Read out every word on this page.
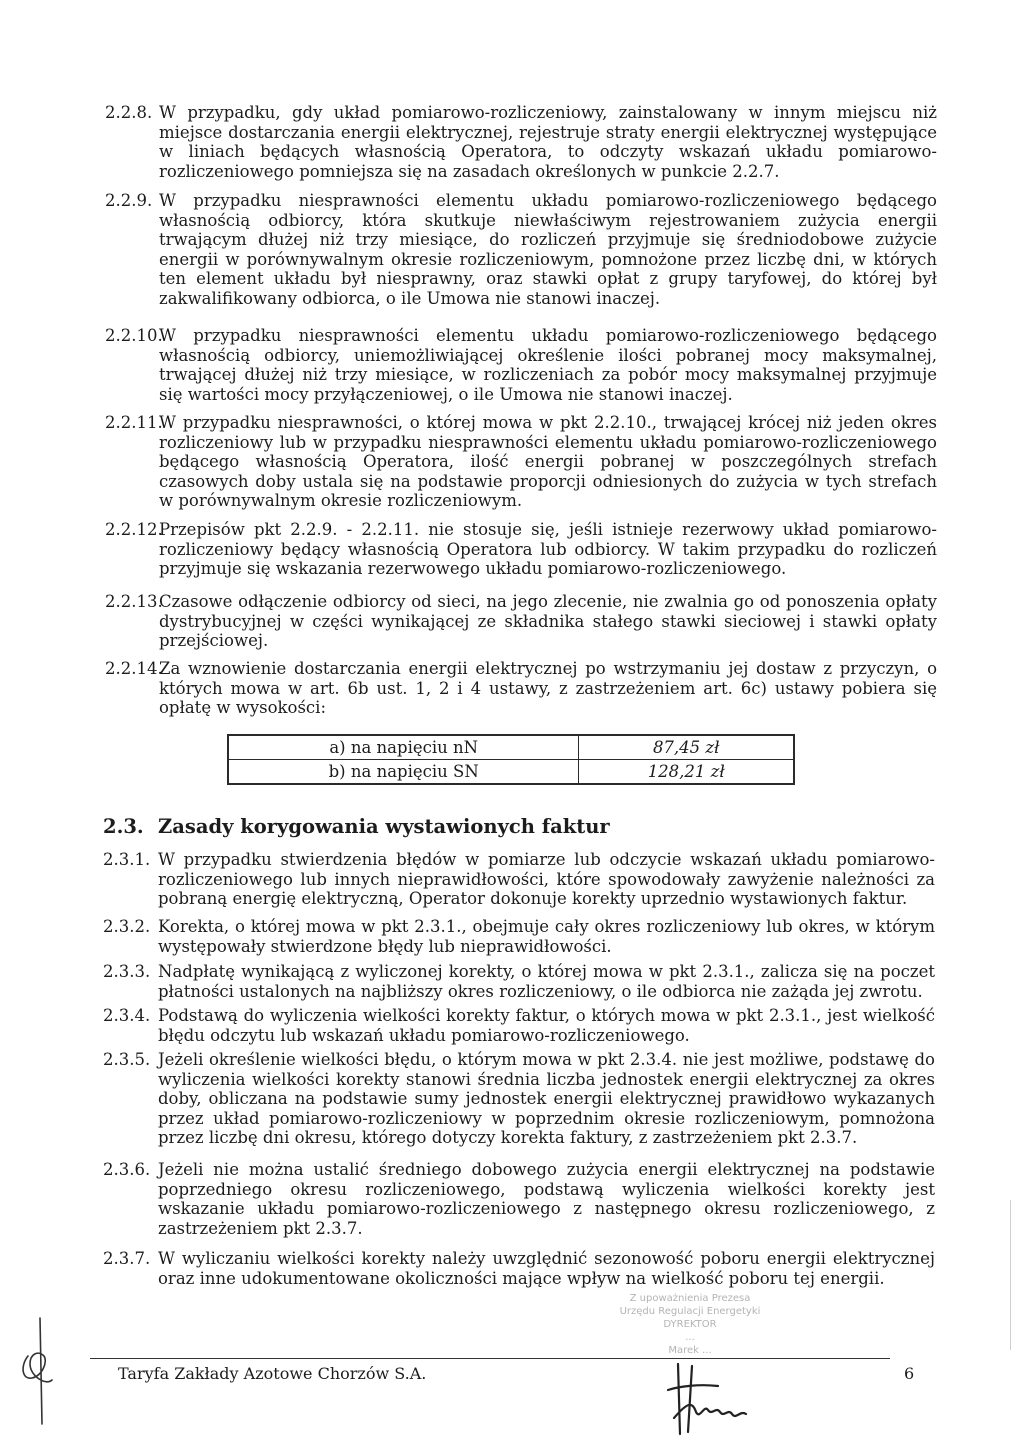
2.2.8. W przypadku, gdy układ pomiarowo-rozliczeniowy, zainstalowany w innym miejscu niż miejsce dostarczania energii elektrycznej, rejestruje straty energii elektrycznej występujące w liniach będących własnością Operatora, to odczyty wskazań układu pomiarowo-rozliczeniowego pomniejsza się na zasadach określonych w punkcie 2.2.7.
2.2.9. W przypadku niesprawności elementu układu pomiarowo-rozliczeniowego będącego własnością odbiorcy, która skutkuje niewłaściwym rejestrowaniem zużycia energii trwającym dłużej niż trzy miesiące, do rozliczeń przyjmuje się średniodobowe zużycie energii w porównywalnym okresie rozliczeniowym, pomnożone przez liczbę dni, w których ten element układu był niesprawny, oraz stawki opłat z grupy taryfowej, do której był zakwalifikowany odbiorca, o ile Umowa nie stanowi inaczej.
2.2.10.
W przypadku niesprawności elementu układu pomiarowo-rozliczeniowego będącego własnością odbiorcy, uniemożliwiającej określenie ilości pobranej mocy maksymalnej, trwającej dłużej niż trzy miesiące, w rozliczeniach za pobór mocy maksymalnej przyjmuje się wartości mocy przyłączeniowej, o ile Umowa nie stanowi inaczej.
2.2.11.
W przypadku niesprawności, o której mowa w pkt 2.2.10., trwającej krócej niż jeden okres rozliczeniowy lub w przypadku niesprawności elementu układu pomiarowo-rozliczeniowego będącego własnością Operatora, ilość energii pobranej w poszczególnych strefach czasowych doby ustala się na podstawie proporcji odniesionych do zużycia w tych strefach w porównywalnym okresie rozliczeniowym.
2.2.12.
Przepisów pkt 2.2.9. - 2.2.11. nie stosuje się, jeśli istnieje rezerwowy układ pomiarowo-rozliczeniowy będący własnością Operatora lub odbiorcy. W takim przypadku do rozliczeń przyjmuje się wskazania rezerwowego układu pomiarowo-rozliczeniowego.
2.2.13.
Czasowe odłączenie odbiorcy od sieci, na jego zlecenie, nie zwalnia go od ponoszenia opłaty dystrybucyjnej w części wynikającej ze składnika stałego stawki sieciowej i stawki opłaty przejściowej.
2.2.14.
Za wznowienie dostarczania energii elektrycznej po wstrzymaniu jej dostaw z przyczyn, o których mowa w art. 6b ust. 1, 2 i 4 ustawy, z zastrzeżeniem art. 6c) ustawy pobiera się opłatę w wysokości:
a) na napięciu nN	87,45 zł
b) na napięciu SN	128,21 zł
2.3. Zasady korygowania wystawionych faktur
2.3.1. W przypadku stwierdzenia błędów w pomiarze lub odczycie wskazań układu pomiarowo-rozliczeniowego lub innych nieprawidłowości, które spowodowały zawyżenie należności za pobraną energię elektryczną, Operator dokonuje korekty uprzednio wystawionych faktur.
2.3.2. Korekta, o której mowa w pkt 2.3.1., obejmuje cały okres rozliczeniowy lub okres, w którym występowały stwierdzone błędy lub nieprawidłowości.
2.3.3. Nadpłatę wynikającą z wyliczonej korekty, o której mowa w pkt 2.3.1., zalicza się na poczet płatności ustalonych na najbliższy okres rozliczeniowy, o ile odbiorca nie zażąda jej zwrotu.
2.3.4. Podstawą do wyliczenia wielkości korekty faktur, o których mowa w pkt 2.3.1., jest wielkość błędu odczytu lub wskazań układu pomiarowo-rozliczeniowego.
2.3.5. Jeżeli określenie wielkości błędu, o którym mowa w pkt 2.3.4. nie jest możliwe, podstawę do wyliczenia wielkości korekty stanowi średnia liczba jednostek energii elektrycznej za okres doby, obliczana na podstawie sumy jednostek energii elektrycznej prawidłowo wykazanych przez układ pomiarowo-rozliczeniowy w poprzednim okresie rozliczeniowym, pomnożona przez liczbę dni okresu, którego dotyczy korekta faktury, z zastrzeżeniem pkt 2.3.7.
2.3.6. Jeżeli nie można ustalić średniego dobowego zużycia energii elektrycznej na podstawie poprzedniego okresu rozliczeniowego, podstawą wyliczenia wielkości korekty jest wskazanie układu pomiarowo-rozliczeniowego z następnego okresu rozliczeniowego, z zastrzeżeniem pkt 2.3.7.
2.3.7. W wyliczaniu wielkości korekty należy uwzględnić sezonowość poboru energii elektrycznej oraz inne udokumentowane okoliczności mające wpływ na wielkość poboru tej energii.
Z upoważnienia Prezesa
Urzędu Regulacji Energetyki
DYREKTOR
...
Marek ...
Taryfa Zakłady Azotowe Chorzów S.A.	6
